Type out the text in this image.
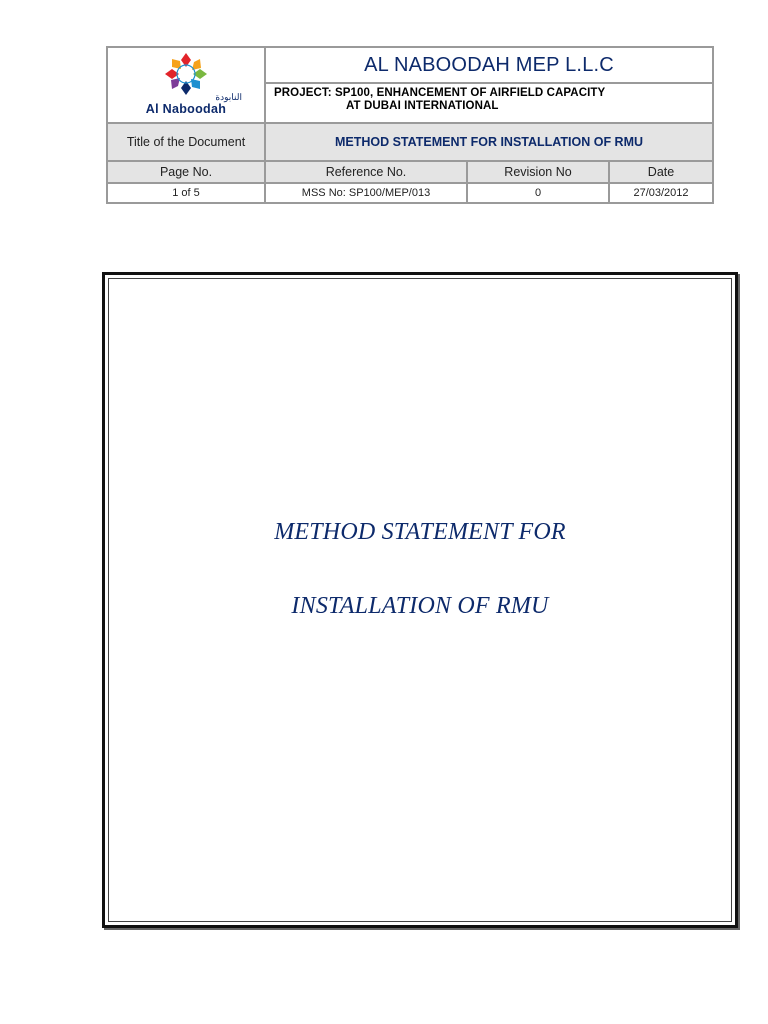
النابودة
Al Naboodah
AL NABOODAH MEP L.L.C
PROJECT: SP100, ENHANCEMENT OF AIRFIELD CAPACITY
AT DUBAI INTERNATIONAL
Title of the Document	METHOD STATEMENT FOR INSTALLATION OF RMU
Page No.	Reference No.	Revision No	Date
1 of 5	MSS No: SP100/MEP/013	0	27/03/2012
METHOD STATEMENT FOR
INSTALLATION OF RMU
